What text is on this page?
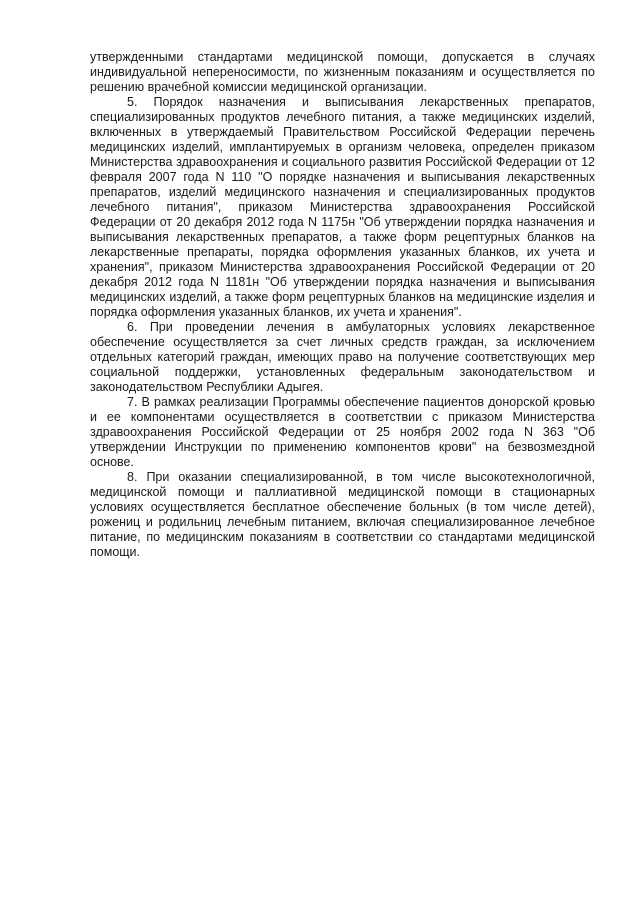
утвержденными стандартами медицинской помощи, допускается в случаях индивидуальной непереносимости, по жизненным показаниям и осуществляется по решению врачебной комиссии медицинской организации.

5. Порядок назначения и выписывания лекарственных препаратов, специализированных продуктов лечебного питания, а также медицинских изделий, включенных в утверждаемый Правительством Российской Федерации перечень медицинских изделий, имплантируемых в организм человека, определен приказом Министерства здравоохранения и социального развития Российской Федерации от 12 февраля 2007 года N 110 "О порядке назначения и выписывания лекарственных препаратов, изделий медицинского назначения и специализированных продуктов лечебного питания", приказом Министерства здравоохранения Российской Федерации от 20 декабря 2012 года N 1175н "Об утверждении порядка назначения и выписывания лекарственных препаратов, а также форм рецептурных бланков на лекарственные препараты, порядка оформления указанных бланков, их учета и хранения", приказом Министерства здравоохранения Российской Федерации от 20 декабря 2012 года N 1181н "Об утверждении порядка назначения и выписывания медицинских изделий, а также форм рецептурных бланков на медицинские изделия и порядка оформления указанных бланков, их учета и хранения".

6. При проведении лечения в амбулаторных условиях лекарственное обеспечение осуществляется за счет личных средств граждан, за исключением отдельных категорий граждан, имеющих право на получение соответствующих мер социальной поддержки, установленных федеральным законодательством и законодательством Республики Адыгея.

7. В рамках реализации Программы обеспечение пациентов донорской кровью и ее компонентами осуществляется в соответствии с приказом Министерства здравоохранения Российской Федерации от 25 ноября 2002 года N 363 "Об утверждении Инструкции по применению компонентов крови" на безвозмездной основе.

8. При оказании специализированной, в том числе высокотехнологичной, медицинской помощи и паллиативной медицинской помощи в стационарных условиях осуществляется бесплатное обеспечение больных (в том числе детей), рожениц и родильниц лечебным питанием, включая специализированное лечебное питание, по медицинским показаниям в соответствии со стандартами медицинской помощи.
